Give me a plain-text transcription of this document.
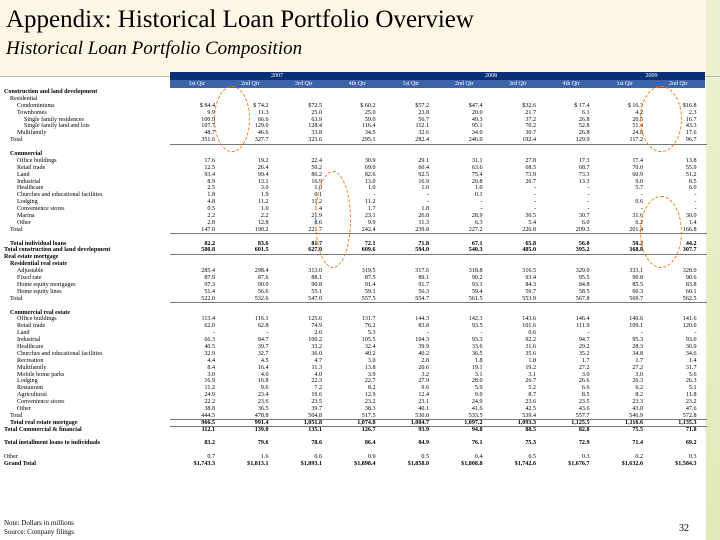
Appendix: Historical Loan Portfolio Overview
Historical Loan Portfolio Composition
2007	2008	2009
1st Qtr	2nd Qtr	3rd Qtr	4th Qtr	1st Qtr	2nd Qtr	3rd Qtr	4th Qtr	1st Qtr	2nd Qtr
Construction and land development
Residential
Condominiums	$ 84.4	$ 74.2	$72.5	$ 60.2	$57.2	$47.4	$32.6	$ 17.4	$ 16.3	$16.8
Townhomes	9.9	11.3	25.0	25.0	23.8	20.0	21.7	6.1	4.2	2.3
Single family residences	100.9	66.6	63.9	59.0	56.7	49.3	37.2	26.8	20.5	16.7
Single family land and lots	107.7	129.0	128.4	116.4	112.1	95.1	70.2	52.8	51.4	43.3
Multifamily	48.7	46.6	33.8	34.5	32.6	34.0	30.7	26.8	24.8	17.6
Total	351.6	327.7	323.6	295.1	282.4	246.0	192.4	129.9	117.2	96.7
Commercial
Office buildings	17.6	19.2	22.4	30.9	29.1	31.1	27.8	17.3	17.4	13.8
Retail trade	12.5	26.4	50.2	69.0	60.4	63.6	68.5	68.7	70.0	55.9
Land	93.4	99.4	86.2	82.6	92.5	75.4	73.9	73.3	60.9	51.2
Industrial	8.9	13.1	16.9	13.0	16.9	20.8	20.7	13.3	9.0	8.5
Healthcare	2.5	3.0	1.0	1.0	1.0	1.0	-	-	5.7	6.0
Churches and educational facilities	1.8	1.9	0.1	-	-	0.1	-	-	-	-
Lodging	4.8	11.2	11.2	11.2	-	-	-	-	0.6	-
Convenience stores	0.5	1.0	1.4	1.7	1.8	-	-	-	-	-
Marina	2.2	2.2	21.9	23.1	26.8	28.9	30.5	30.7	31.6	30.0
Other	2.8	12.8	8.6	9.9	11.3	6.3	5.4	6.0	6.2	1.4
Total	147.0	190.2	221.7	242.4	239.8	227.2	226.8	209.3	201.4	166.8
Total individual loans	82.2	83.6	81.7	72.1	71.8	67.1	65.8	56.0	50.2	44.2
Total construction and land development	580.8	601.5	627.0	609.6	594.0	540.3	485.0	395.2	368.8	307.7
Real estate mortgage
Residential real estate
Adjustable	285.4	298.4	313.0	319.5	317.6	318.8	316.5	329.0	333.1	328.0
Fixed rate	87.9	87.6	88.1	87.5	89.1	90.2	93.4	95.5	90.8	90.6
Home equity mortgages	97.3	90.0	90.8	91.4	91.7	93.1	84.3	84.8	85.5	83.8
Home equity lines	51.4	56.6	55.1	59.1	56.3	59.4	59.7	58.5	60.3	60.1
Total	522.0	532.6	547.0	557.5	554.7	561.5	553.9	567.8	569.7	562.5
Commercial real estate
Office buildings	113.4	116.1	125.6	131.7	144.3	142.3	143.6	146.4	140.6	141.6
Retail trade	62.0	62.8	74.9	76.2	83.8	93.5	101.6	111.9	109.1	120.0
Land	-	-	2.6	5.3	-	-	0.6	-	-	-
Industrial	66.3	84.7	100.2	105.5	104.3	93.3	92.2	94.7	95.3	93.0
Healthcare	40.5	39.7	33.2	32.4	39.9	33.6	31.6	29.2	28.3	30.9
Churches and educational facilities	32.9	32.7	36.0	40.2	40.2	36.5	35.6	35.2	34.8	34.6
Recreation	4.4	4.5	4.7	3.0	2.8	1.8	1.8	1.7	1.7	1.4
Multifamily	8.4	16.4	11.3	13.8	20.6	19.1	19.2	27.2	27.2	31.7
Mobile home parks	3.0	4.0	4.0	3.9	3.2	3.1	3.1	3.0	3.0	5.6
Lodging	16.9	16.8	22.3	22.7	27.9	28.0	26.7	26.6	26.3	26.3
Restaurant	11.2	9.6	7.2	8.2	9.6	5.9	5.2	6.6	6.2	5.1
Agricultural	24.9	23.4	19.6	12.9	12.4	9.0	8.7	8.5	8.2	11.8
Convenience stores	22.2	23.6	23.5	23.2	23.1	24.9	23.6	23.5	23.3	23.2
Other	38.8	36.5	39.7	38.3	40.1	41.6	42.5	43.6	43.0	47.6
Total	444.5	478.8	504.8	517.5	530.0	533.5	539.4	557.7	546.9	572.8
Total real estate mortgage	966.5	991.4	1,051.8	1,074.8	1,084.7	1,097.2	1,093.3	1,125.5	1,116.6	1,135.3
Total Commercial & financial	112.1	139.0	135.1	126.7	93.9	94.8	88.5	82.8	75.5	71.8
Total installment loans to individuals	83.2	79.6	78.6	86.4	84.9	76.1	75.3	72.9	71.4	69.2
Other	0.7	1.6	0.6	0.9	0.5	0.4	0.5	0.3	0.2	0.3
Grand Total	$1,743.3	$1,813.1	$1,893.1	$1,898.4	$1,858.0	$1,808.8	$1,742.6	$1,676.7	$1,632.6	$1,584.3
Note: Dollars in millions
Source: Company filings	32
